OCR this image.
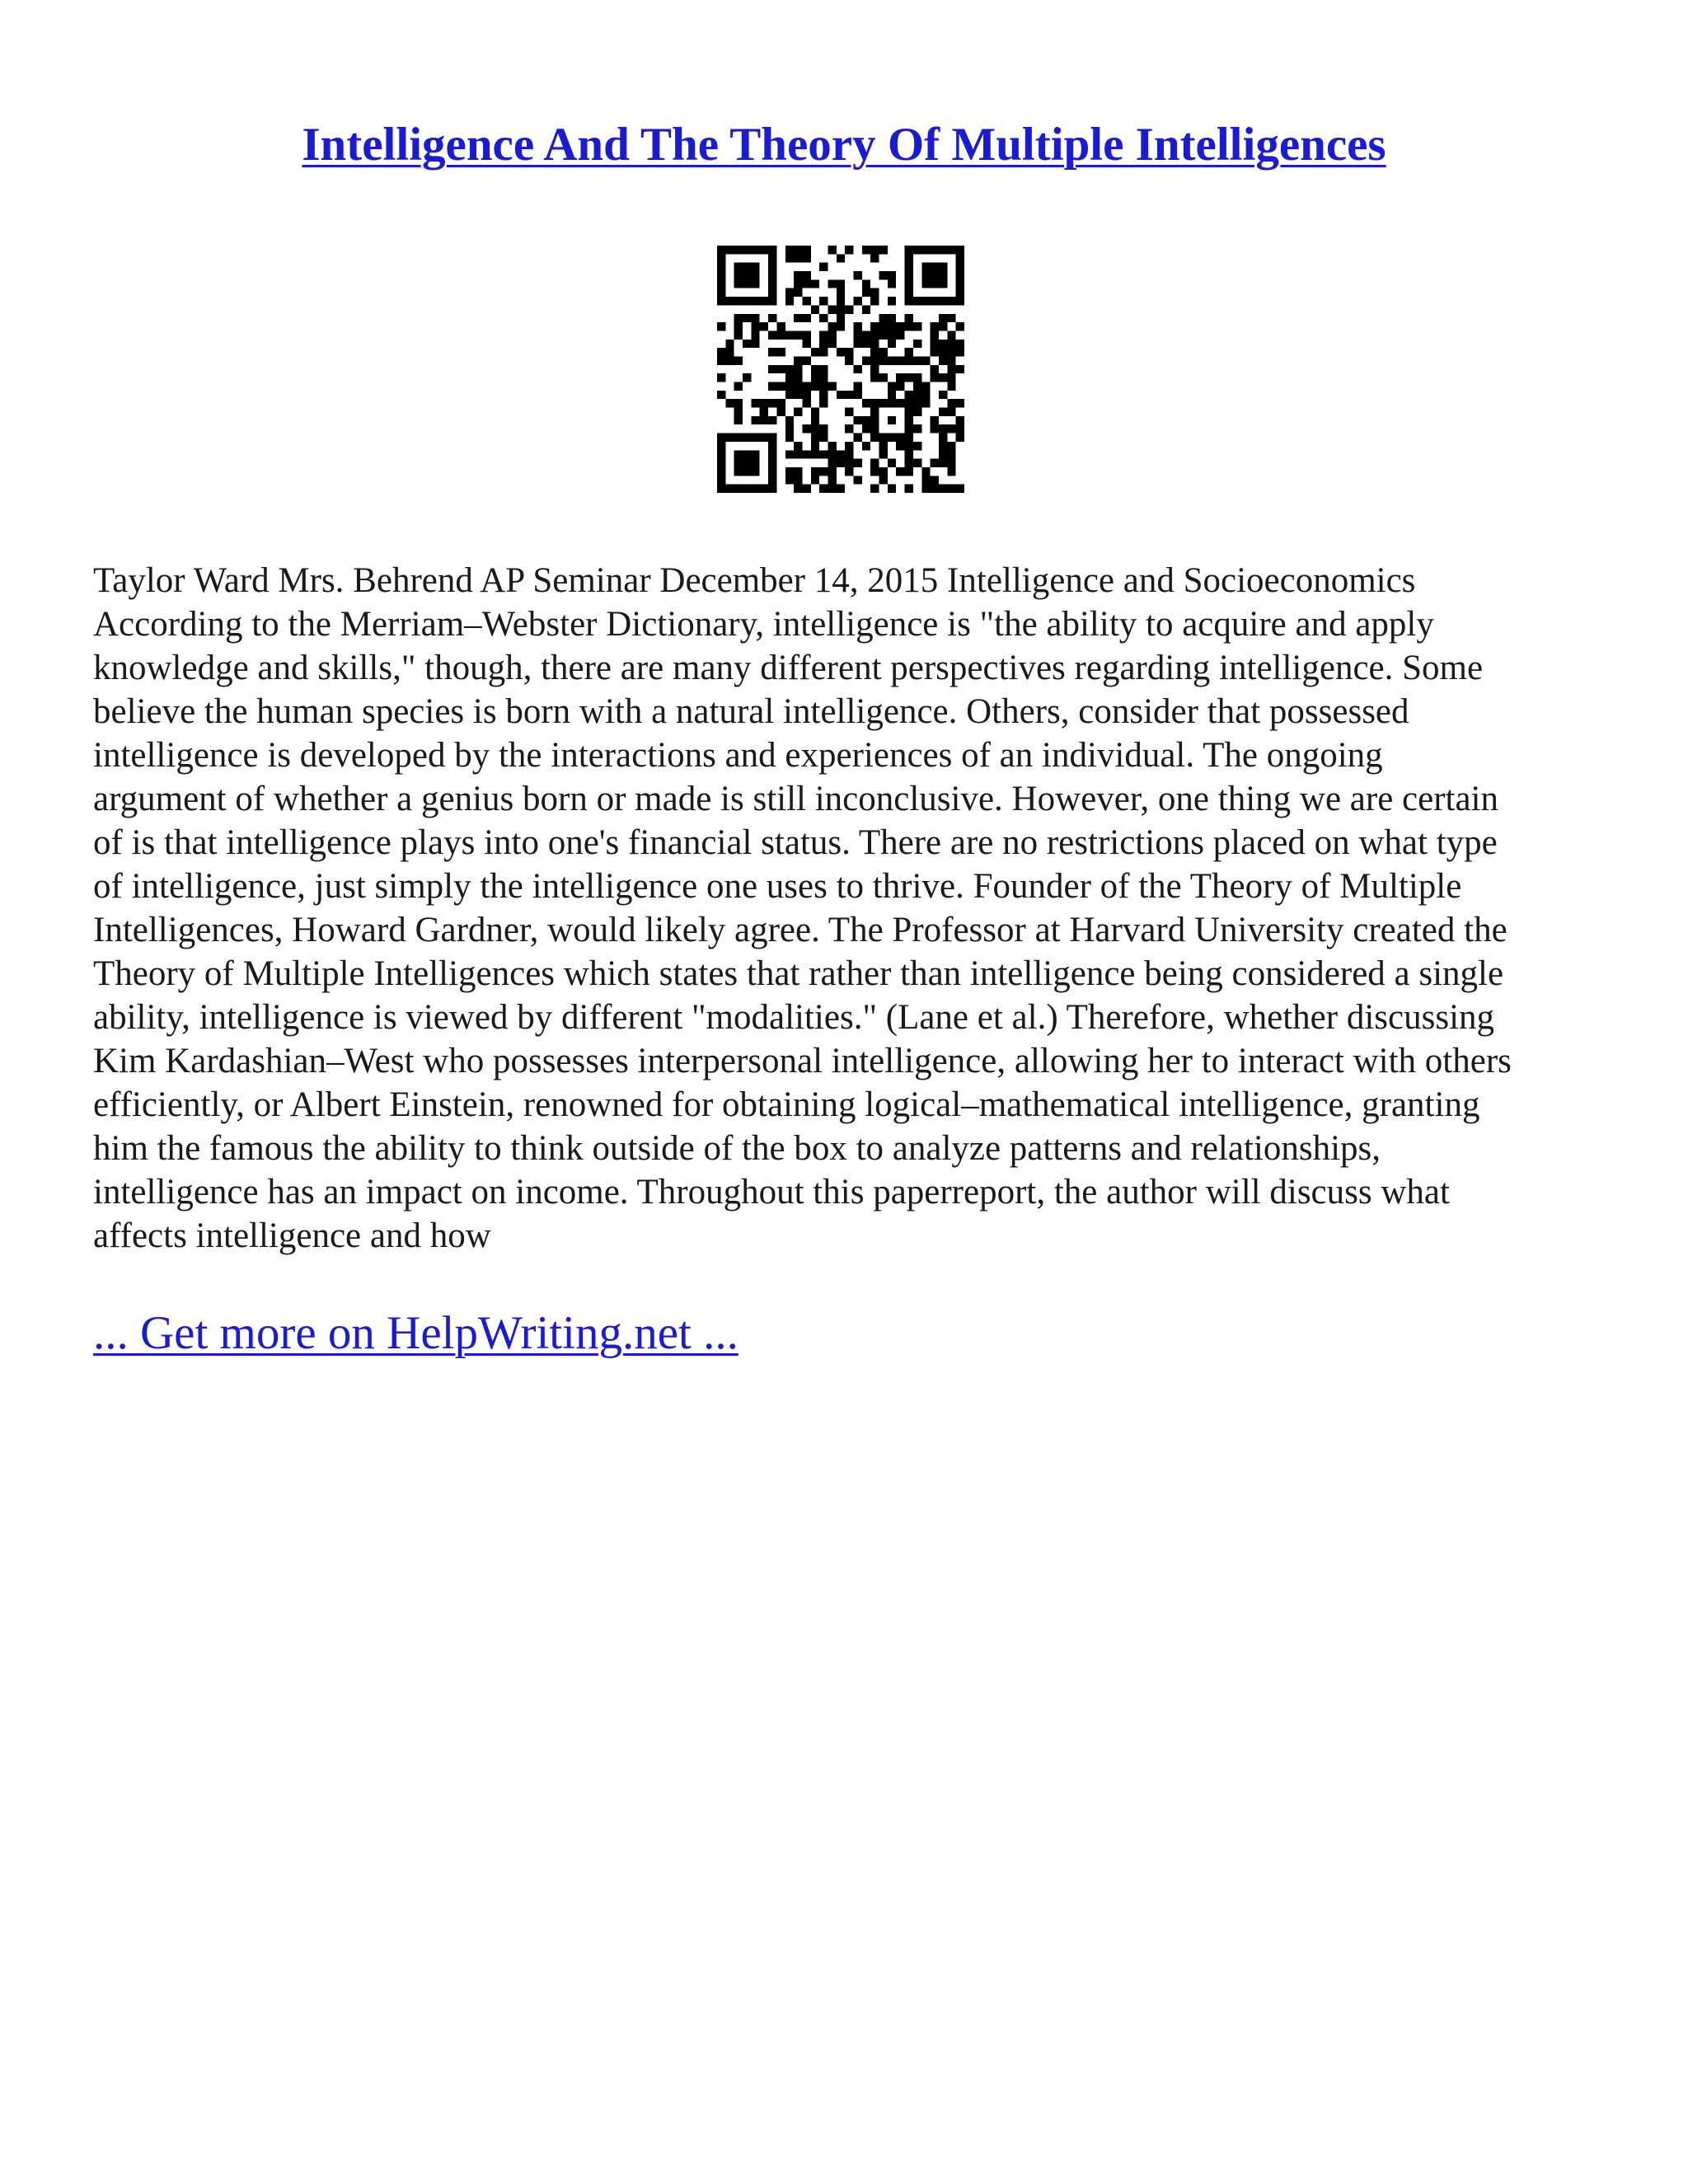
Intelligence And The Theory Of Multiple Intelligences
Taylor Ward Mrs. Behrend AP Seminar December 14, 2015 Intelligence and Socioeconomics
According to the Merriam–Webster Dictionary, intelligence is "the ability to acquire and apply
knowledge and skills," though, there are many different perspectives regarding intelligence. Some
believe the human species is born with a natural intelligence. Others, consider that possessed
intelligence is developed by the interactions and experiences of an individual. The ongoing
argument of whether a genius born or made is still inconclusive. However, one thing we are certain
of is that intelligence plays into one's financial status. There are no restrictions placed on what type
of intelligence, just simply the intelligence one uses to thrive. Founder of the Theory of Multiple
Intelligences, Howard Gardner, would likely agree. The Professor at Harvard University created the
Theory of Multiple Intelligences which states that rather than intelligence being considered a single
ability, intelligence is viewed by different "modalities." (Lane et al.) Therefore, whether discussing
Kim Kardashian–West who possesses interpersonal intelligence, allowing her to interact with others
efficiently, or Albert Einstein, renowned for obtaining logical–mathematical intelligence, granting
him the famous the ability to think outside of the box to analyze patterns and relationships,
intelligence has an impact on income. Throughout this paperreport, the author will discuss what
affects intelligence and how

... Get more on HelpWriting.net ...
